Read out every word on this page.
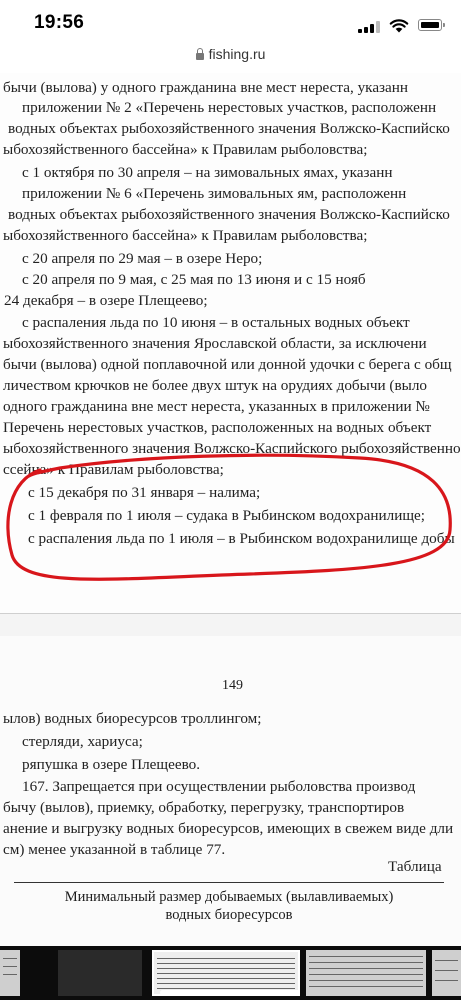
19:56
fishing.ru
бычи (вылова) у одного гражданина вне мест нереста, указанн
приложении № 2 «Перечень нерестовых участков, расположенн
водных объектах рыбохозяйственного значения Волжско-Каспийско
ыбохозяйственного бассейна» к Правилам рыболовства;
с 1 октября по 30 апреля – на зимовальных ямах, указанн
приложении № 6 «Перечень зимовальных ям, расположенн
водных объектах рыбохозяйственного значения Волжско-Каспийско
ыбохозяйственного бассейна» к Правилам рыболовства;
с 20 апреля по 29 мая – в озере Неро;
с 20 апреля по 9 мая, с 25 мая по 13 июня и с 15 нояб
24 декабря – в озере Плещеево;
с распаления льда по 10 июня – в остальных водных объект
ыбохозяйственного значения Ярославской области, за исключени
бычи (вылова) одной поплавочной или донной удочки с берега с общ
личеством крючков не более двух штук на орудиях добычи (выло
одного гражданина вне мест нереста, указанных в приложении №
Перечень нерестовых участков, расположенных на водных объект
ыбохозяйственного значения Волжско-Каспийского рыбохозяйственно
ссейна» к Правилам рыболовства;
с 15 декабря по 31 января – налима;
с 1 февраля по 1 июля – судака в Рыбинском водохранилище;
с распаления льда по 1 июля – в Рыбинском водохранилище добы
149
ылов) водных биоресурсов троллингом;
стерляди, хариуса;
ряпушка в озере Плещеево.
167. Запрещается при осуществлении рыболовства производ
бычу (вылов), приемку, обработку, перегрузку, транспортиров
анение и выгрузку водных биоресурсов, имеющих в свежем виде дли
см) менее указанной в таблице 77.
Таблица
Минимальный размер добываемых (вылавливаемых)
водных биоресурсов
